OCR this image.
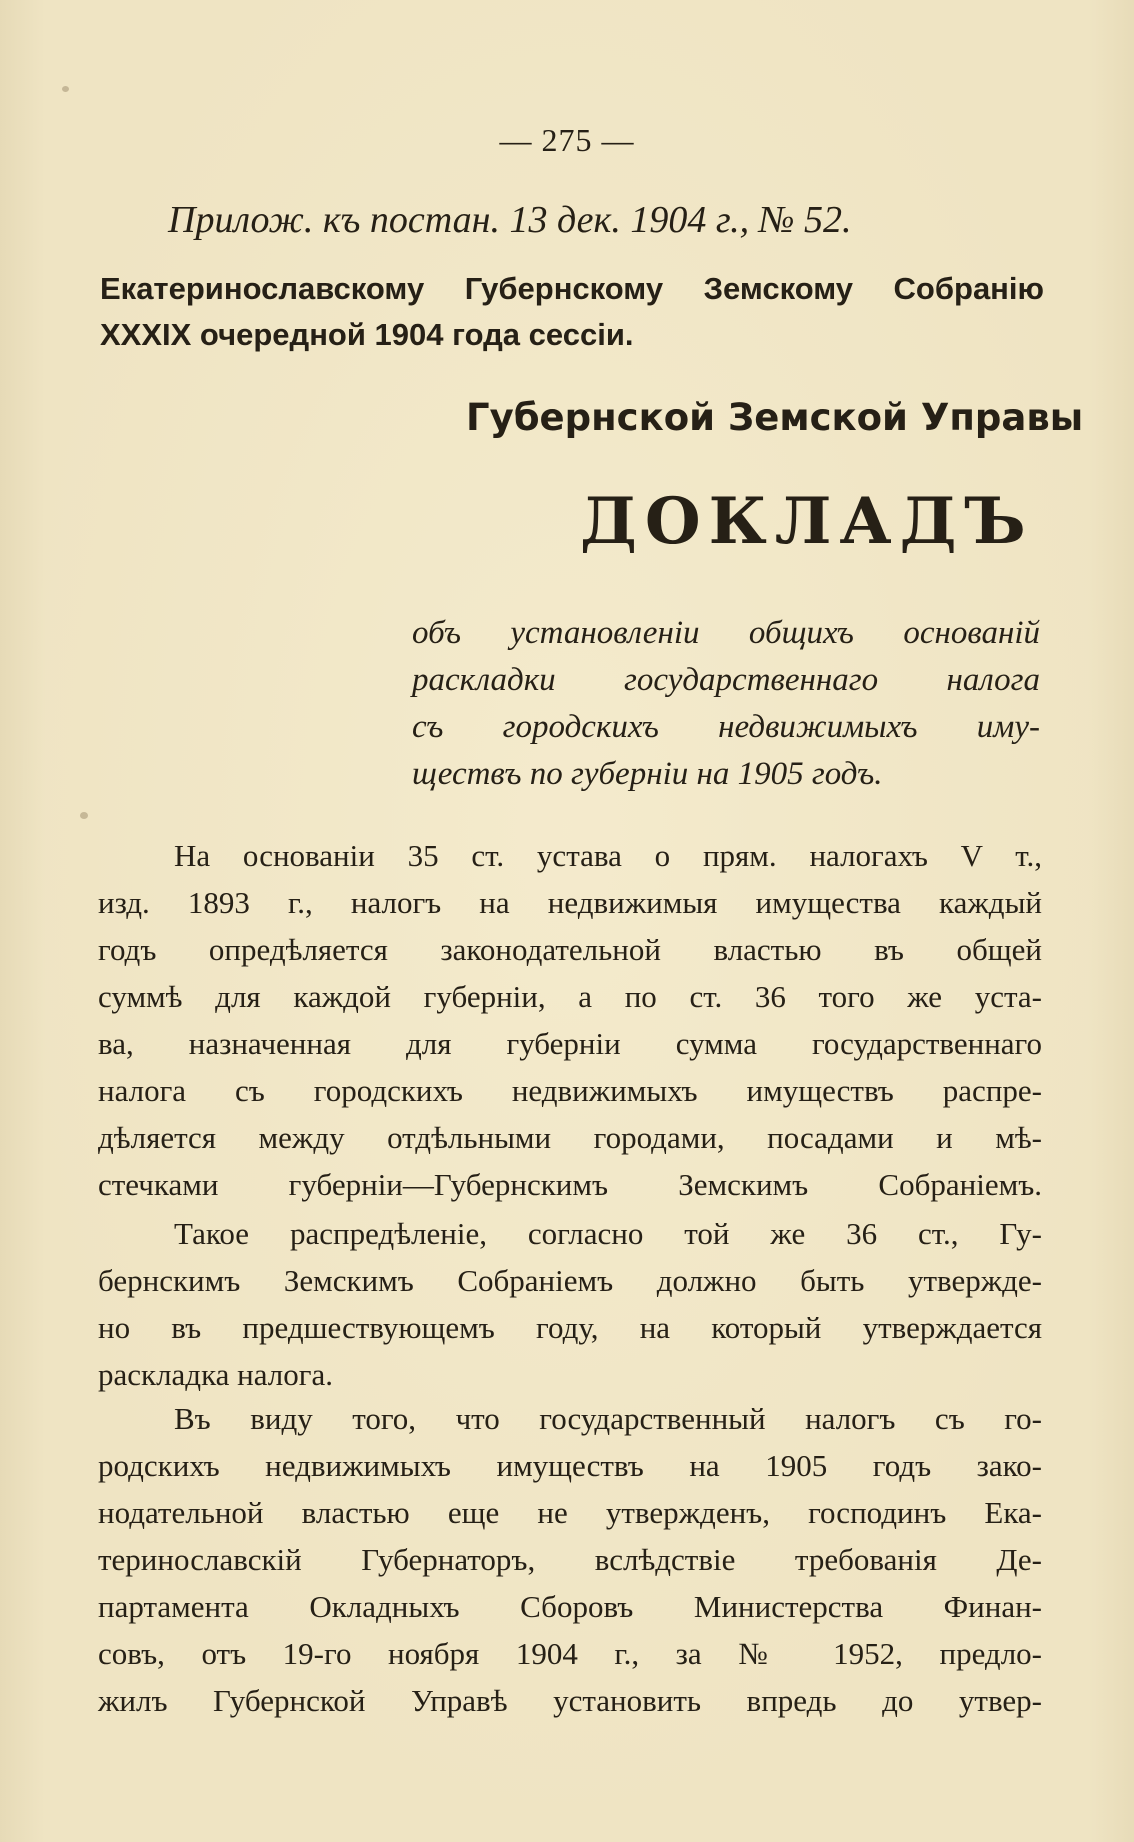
— 275 —
Прилож. къ постан. 13 дек. 1904 г., № 52.
Екатеринославскому Губернскому Земскому Собранію
XXXIX очередной 1904 года сессіи.
Губернской Земской Управы
ДОКЛАДЪ
объ установленіи общихъ основаній
раскладки государственнаго налога
съ городскихъ недвижимыхъ иму-
ществъ по губерніи на 1905 годъ.
На основаніи 35 ст. устава о прям. налогахъ V т.,
изд. 1893 г., налогъ на недвижимыя имущества каждый
годъ опредѣляется законодательной властью въ общей
суммѣ для каждой губерніи, а по ст. 36 того же уста-
ва, назначенная для губерніи сумма государственнаго
налога съ городскихъ недвижимыхъ имуществъ распре-
дѣляется между отдѣльными городами, посадами и мѣ-
стечками губерніи—Губернскимъ Земскимъ Собраніемъ.
Такое распредѣленіе, согласно той же 36 ст., Гу-
бернскимъ Земскимъ Собраніемъ должно быть утвержде-
но въ предшествующемъ году, на который утверждается
раскладка налога.
Въ виду того, что государственный налогъ съ го-
родскихъ недвижимыхъ имуществъ на 1905 годъ зако-
нодательной властью еще не утвержденъ, господинъ Ека-
теринославскій Губернаторъ, вслѣдствіе требованія Де-
партамента Окладныхъ Сборовъ Министерства Финан-
совъ, отъ 19-го ноября 1904 г., за № 1952, предло-
жилъ Губернской Управѣ установить впредь до утвер-
